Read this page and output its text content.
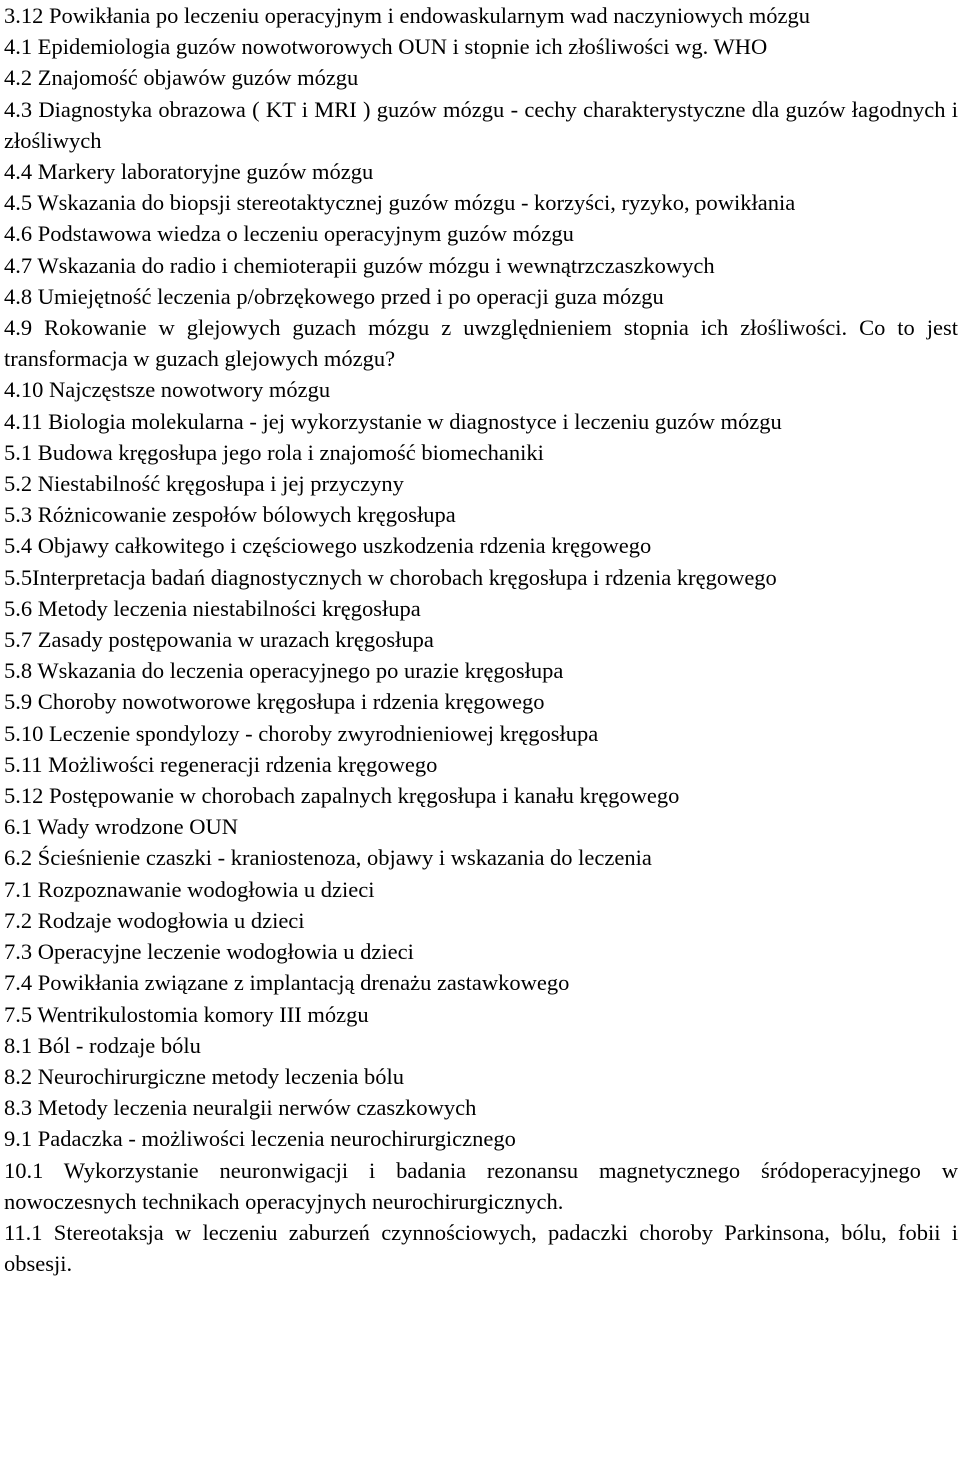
3.12 Powikłania po leczeniu operacyjnym i endowaskularnym wad naczyniowych mózgu

4.1 Epidemiologia guzów nowotworowych OUN i stopnie ich złośliwości wg. WHO

4.2 Znajomość objawów guzów mózgu

4.3 Diagnostyka obrazowa ( KT i MRI ) guzów mózgu - cechy charakterystyczne dla guzów łagodnych i złośliwych

4.4 Markery laboratoryjne guzów mózgu

4.5 Wskazania do biopsji stereotaktycznej guzów mózgu - korzyści, ryzyko, powikłania

4.6 Podstawowa wiedza o leczeniu operacyjnym guzów mózgu

4.7 Wskazania do radio i chemioterapii guzów mózgu i wewnątrzczaszkowych

4.8 Umiejętność leczenia p/obrzękowego przed i po operacji guza mózgu

4.9 Rokowanie w glejowych guzach mózgu z uwzględnieniem stopnia ich złośliwości. Co to jest transformacja w guzach glejowych mózgu?

4.10 Najczęstsze nowotwory mózgu

4.11 Biologia molekularna - jej wykorzystanie w diagnostyce i leczeniu guzów mózgu

5.1 Budowa kręgosłupa jego rola i znajomość biomechaniki

5.2 Niestabilność kręgosłupa i jej przyczyny

5.3 Różnicowanie zespołów bólowych kręgosłupa

5.4 Objawy całkowitego i częściowego uszkodzenia rdzenia kręgowego

5.5Interpretacja badań diagnostycznych w chorobach kręgosłupa i rdzenia kręgowego

5.6 Metody leczenia niestabilności kręgosłupa

5.7 Zasady postępowania w urazach kręgosłupa

5.8 Wskazania do leczenia operacyjnego po urazie kręgosłupa

5.9 Choroby nowotworowe kręgosłupa i rdzenia kręgowego

5.10 Leczenie spondylozy - choroby zwyrodnieniowej kręgosłupa

5.11 Możliwości regeneracji rdzenia kręgowego

5.12 Postępowanie w chorobach zapalnych kręgosłupa i kanału kręgowego

6.1 Wady wrodzone OUN

6.2 Ścieśnienie czaszki - kraniostenoza, objawy i wskazania do leczenia

7.1 Rozpoznawanie wodogłowia u dzieci

7.2 Rodzaje wodogłowia u dzieci

7.3 Operacyjne leczenie wodogłowia u dzieci

7.4 Powikłania związane z implantacją drenażu zastawkowego

7.5 Wentrikulostomia komory III mózgu

8.1 Ból - rodzaje bólu

8.2 Neurochirurgiczne metody leczenia bólu

8.3 Metody leczenia neuralgii nerwów czaszkowych

9.1 Padaczka - możliwości leczenia neurochirurgicznego

10.1 Wykorzystanie neuronwigacji i badania rezonansu magnetycznego śródoperacyjnego w nowoczesnych technikach operacyjnych neurochirurgicznych.

11.1 Stereotaksja w leczeniu zaburzeń czynnościowych, padaczki choroby Parkinsona, bólu, fobii i obsesji.
